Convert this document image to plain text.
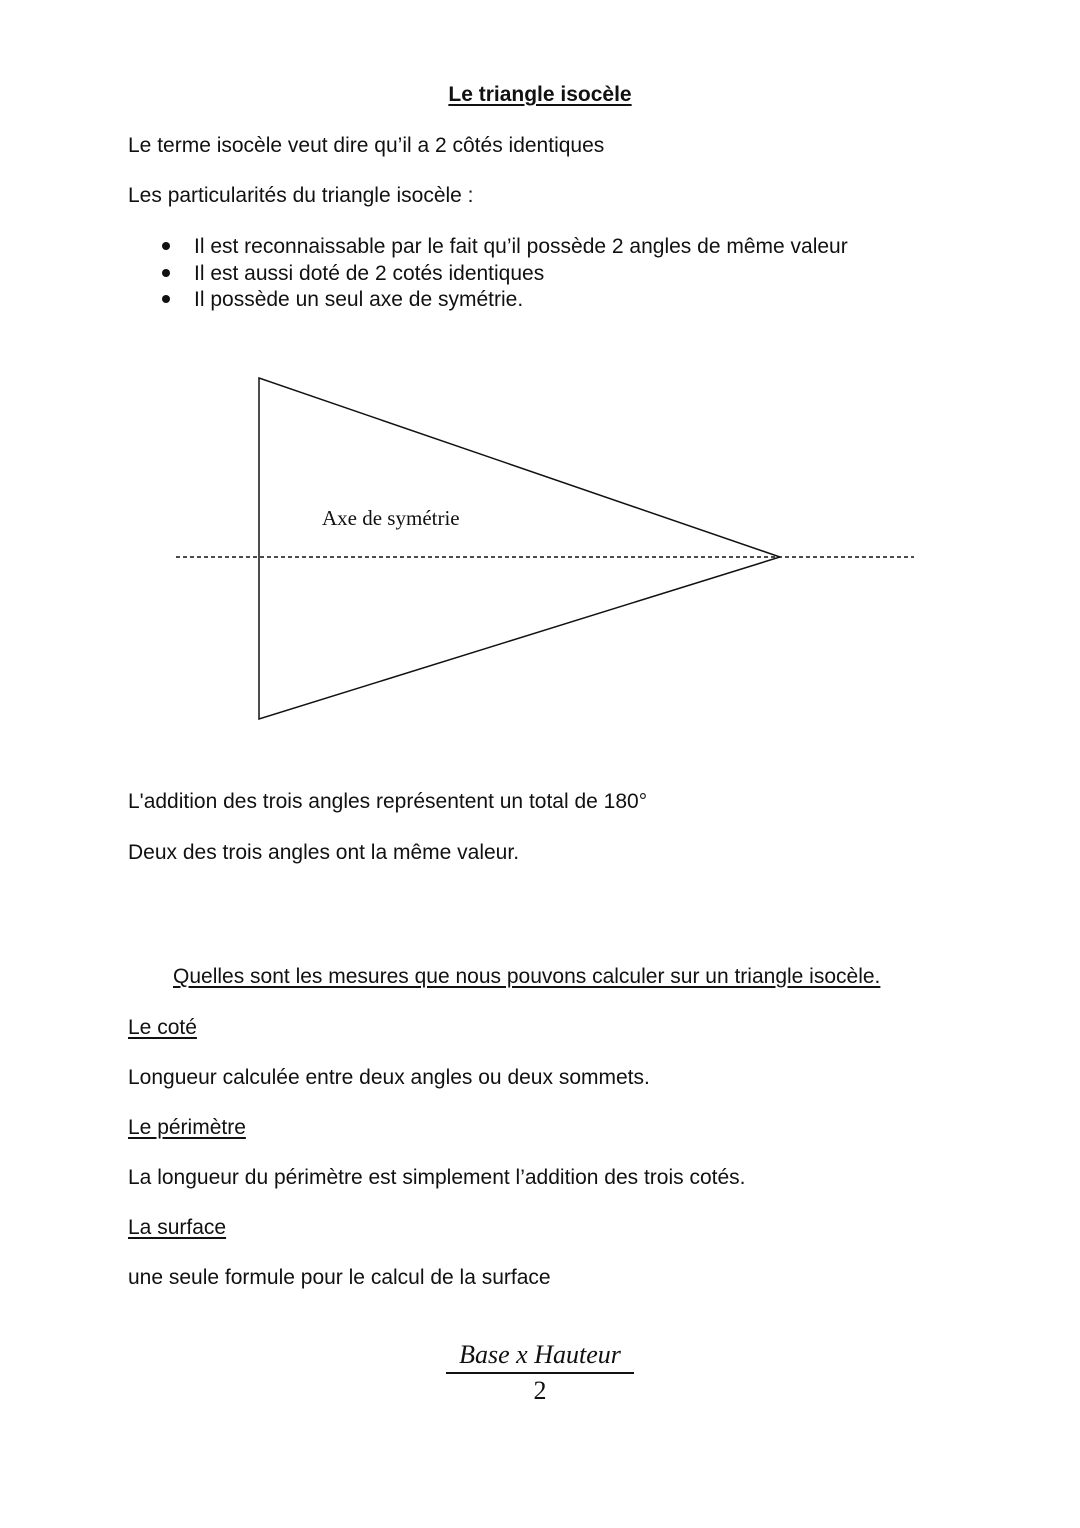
Le triangle isocèle

Le terme isocèle veut dire qu’il a 2 côtés identiques

Les particularités du triangle isocèle :

Il est reconnaissable par le fait qu’il possède 2 angles de même valeur
Il est aussi doté de 2 cotés identiques
Il possède un seul axe de symétrie.
Axe de symétrie

L'addition des trois angles représentent un total de 180°

Deux des trois angles ont la même valeur.

Quelles sont les mesures que nous pouvons calculer sur un triangle isocèle.

Le coté

Longueur calculée entre deux angles ou deux sommets.

Le périmètre

La longueur du périmètre est simplement l’addition des trois cotés.

La surface

une seule formule pour le calcul de la surface

Base x Hauteur
2
